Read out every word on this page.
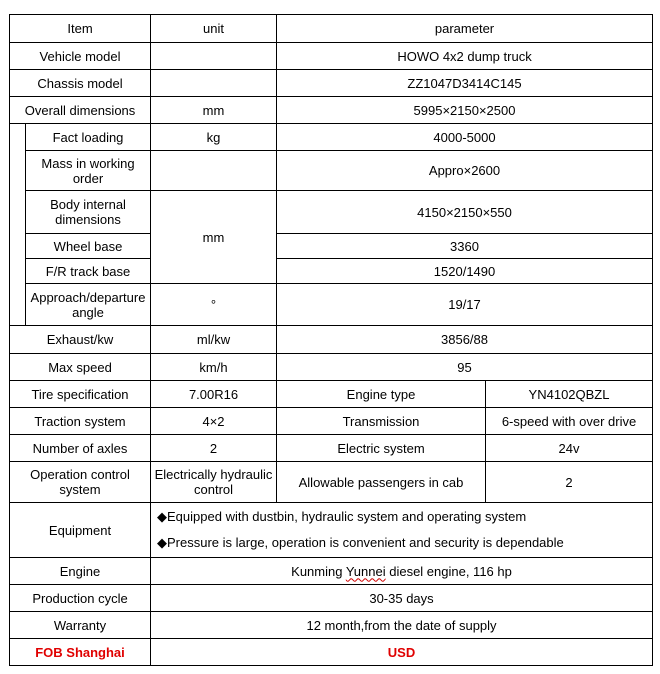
Item		unit	parameter	
Vehicle model			HOWO 4x2 dump truck	
Chassis model			ZZ1047D3414C145	
Overall dimensions		mm	5995×2150×2500	
	Fact loading	kg	4000-5000	
	Mass in working order		Appro×2600	
	Body internal dimensions	mm	4150×2150×550	
	Wheel base		3360	
	F/R track base		1520/1490	
	Approach/departure angle	°	19/17	
Exhaust/kw		ml/kw	3856/88	
Max speed		km/h	95	
Tire specification		7.00R16	Engine type	YN4102QBZL
Traction system		4×2	Transmission	6-speed with over drive
Number of axles		2	Electric system	24v
Operation control system		Electrically hydraulic control	Allowable passengers in cab	2
Equipment		◆Equipped with dustbin, hydraulic system and operating system
◆Pressure is large, operation is convenient and security is dependable		

Engine		Kunming Yunnei diesel engine, 116 hp		
Production cycle		30-35 days		
Warranty		12 month,from the date of supply		
FOB Shanghai		USD		
